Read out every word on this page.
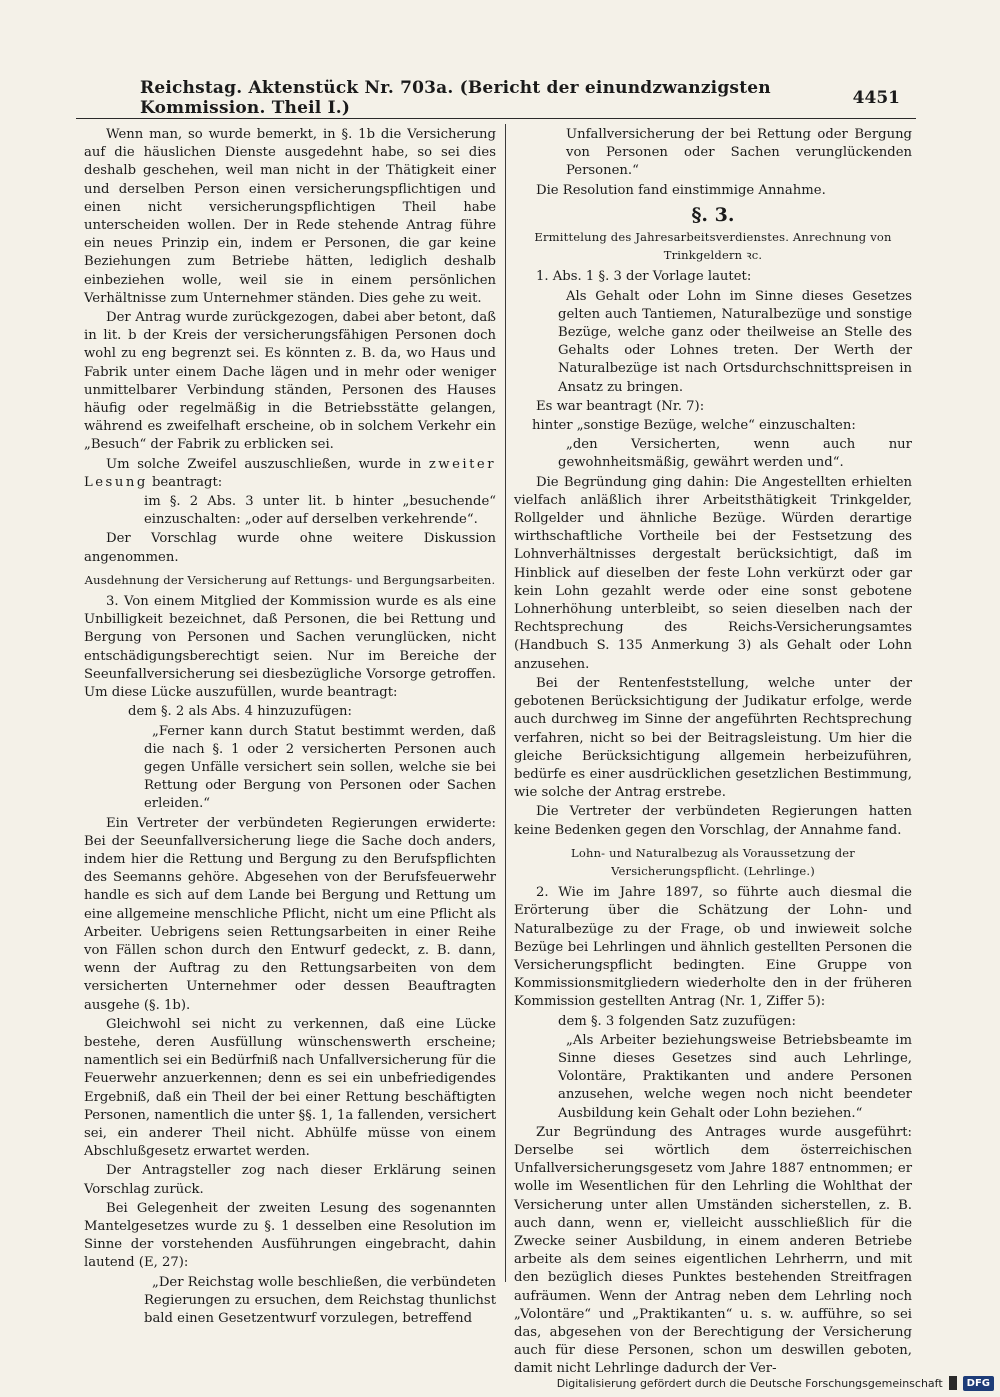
Reichstag. Aktenstück Nr. 703a. (Bericht der einundzwanzigsten Kommission. Theil I.)	4451

Wenn man, so wurde bemerkt, in §. 1b die Versicherung auf die häuslichen Dienste ausgedehnt habe, so sei dies deshalb geschehen, weil man nicht in der Thätigkeit einer und derselben Person einen versicherungspflichtigen und einen nicht versicherungspflichtigen Theil habe unterscheiden wollen. Der in Rede stehende Antrag führe ein neues Prinzip ein, indem er Personen, die gar keine Beziehungen zum Betriebe hätten, lediglich deshalb einbeziehen wolle, weil sie in einem persönlichen Verhältnisse zum Unternehmer ständen. Dies gehe zu weit.

Der Antrag wurde zurückgezogen, dabei aber betont, daß in lit. b der Kreis der versicherungsfähigen Personen doch wohl zu eng begrenzt sei. Es könnten z. B. da, wo Haus und Fabrik unter einem Dache lägen und in mehr oder weniger unmittelbarer Verbindung ständen, Personen des Hauses häufig oder regelmäßig in die Betriebsstätte gelangen, während es zweifelhaft erscheine, ob in solchem Verkehr ein „Besuch“ der Fabrik zu erblicken sei.

Um solche Zweifel auszuschließen, wurde in zweiter Lesung beantragt:

im §. 2 Abs. 3 unter lit. b hinter „besuchende“ einzuschalten: „oder auf derselben verkehrende“.

Der Vorschlag wurde ohne weitere Diskussion angenommen.

Ausdehnung der Versicherung auf Rettungs- und Bergungsarbeiten.

3. Von einem Mitglied der Kommission wurde es als eine Unbilligkeit bezeichnet, daß Personen, die bei Rettung und Bergung von Personen und Sachen verunglücken, nicht entschädigungsberechtigt seien. Nur im Bereiche der Seeunfallversicherung sei diesbezügliche Vorsorge getroffen. Um diese Lücke auszufüllen, wurde beantragt:

dem §. 2 als Abs. 4 hinzuzufügen:

„Ferner kann durch Statut bestimmt werden, daß die nach §. 1 oder 2 versicherten Personen auch gegen Unfälle versichert sein sollen, welche sie bei Rettung oder Bergung von Personen oder Sachen erleiden.“

Ein Vertreter der verbündeten Regierungen erwiderte: Bei der Seeunfallversicherung liege die Sache doch anders, indem hier die Rettung und Bergung zu den Berufspflichten des Seemanns gehöre. Abgesehen von der Berufsfeuerwehr handle es sich auf dem Lande bei Bergung und Rettung um eine allgemeine menschliche Pflicht, nicht um eine Pflicht als Arbeiter. Uebrigens seien Rettungsarbeiten in einer Reihe von Fällen schon durch den Entwurf gedeckt, z. B. dann, wenn der Auftrag zu den Rettungsarbeiten von dem versicherten Unternehmer oder dessen Beauftragten ausgehe (§. 1b).

Gleichwohl sei nicht zu verkennen, daß eine Lücke bestehe, deren Ausfüllung wünschenswerth erscheine; namentlich sei ein Bedürfniß nach Unfallversicherung für die Feuerwehr anzuerkennen; denn es sei ein unbefriedigendes Ergebniß, daß ein Theil der bei einer Rettung beschäftigten Personen, namentlich die unter §§. 1, 1a fallenden, versichert sei, ein anderer Theil nicht. Abhülfe müsse von einem Abschlußgesetz erwartet werden.

Der Antragsteller zog nach dieser Erklärung seinen Vorschlag zurück.

Bei Gelegenheit der zweiten Lesung des sogenannten Mantelgesetzes wurde zu §. 1 desselben eine Resolution im Sinne der vorstehenden Ausführungen eingebracht, dahin lautend (E, 27):

„Der Reichstag wolle beschließen, die verbündeten Regierungen zu ersuchen, dem Reichstag thunlichst bald einen Gesetzentwurf vorzulegen, betreffend

Unfallversicherung der bei Rettung oder Bergung von Personen oder Sachen verunglückenden Personen.“

Die Resolution fand einstimmige Annahme.

§. 3.

Ermittelung des Jahresarbeitsverdienstes. Anrechnung von Trinkgeldern ꝛc.

1. Abs. 1 §. 3 der Vorlage lautet:

Als Gehalt oder Lohn im Sinne dieses Gesetzes gelten auch Tantiemen, Naturalbezüge und sonstige Bezüge, welche ganz oder theilweise an Stelle des Gehalts oder Lohnes treten. Der Werth der Naturalbezüge ist nach Ortsdurchschnittspreisen in Ansatz zu bringen.

Es war beantragt (Nr. 7):

hinter „sonstige Bezüge, welche“ einzuschalten:

„den Versicherten, wenn auch nur gewohnheitsmäßig, gewährt werden und“.

Die Begründung ging dahin: Die Angestellten erhielten vielfach anläßlich ihrer Arbeitsthätigkeit Trinkgelder, Rollgelder und ähnliche Bezüge. Würden derartige wirthschaftliche Vortheile bei der Festsetzung des Lohnverhältnisses dergestalt berücksichtigt, daß im Hinblick auf dieselben der feste Lohn verkürzt oder gar kein Lohn gezahlt werde oder eine sonst gebotene Lohnerhöhung unterbleibt, so seien dieselben nach der Rechtsprechung des Reichs-Versicherungsamtes (Handbuch S. 135 Anmerkung 3) als Gehalt oder Lohn anzusehen.

Bei der Rentenfeststellung, welche unter der gebotenen Berücksichtigung der Judikatur erfolge, werde auch durchweg im Sinne der angeführten Rechtsprechung verfahren, nicht so bei der Beitragsleistung. Um hier die gleiche Berücksichtigung allgemein herbeizuführen, bedürfe es einer ausdrücklichen gesetzlichen Bestimmung, wie solche der Antrag erstrebe.

Die Vertreter der verbündeten Regierungen hatten keine Bedenken gegen den Vorschlag, der Annahme fand.

Lohn- und Naturalbezug als Voraussetzung der Versicherungspflicht. (Lehrlinge.)

2. Wie im Jahre 1897, so führte auch diesmal die Erörterung über die Schätzung der Lohn- und Naturalbezüge zu der Frage, ob und inwieweit solche Bezüge bei Lehrlingen und ähnlich gestellten Personen die Versicherungspflicht bedingten. Eine Gruppe von Kommissionsmitgliedern wiederholte den in der früheren Kommission gestellten Antrag (Nr. 1, Ziffer 5):

dem §. 3 folgenden Satz zuzufügen:

„Als Arbeiter beziehungsweise Betriebsbeamte im Sinne dieses Gesetzes sind auch Lehrlinge, Volontäre, Praktikanten und andere Personen anzusehen, welche wegen noch nicht beendeter Ausbildung kein Gehalt oder Lohn beziehen.“

Zur Begründung des Antrages wurde ausgeführt: Derselbe sei wörtlich dem österreichischen Unfallversicherungsgesetz vom Jahre 1887 entnommen; er wolle im Wesentlichen für den Lehrling die Wohlthat der Versicherung unter allen Umständen sicherstellen, z. B. auch dann, wenn er, vielleicht ausschließlich für die Zwecke seiner Ausbildung, in einem anderen Betriebe arbeite als dem seines eigentlichen Lehrherrn, und mit den bezüglich dieses Punktes bestehenden Streitfragen aufräumen. Wenn der Antrag neben dem Lehrling noch „Volontäre“ und „Praktikanten“ u. s. w. aufführe, so sei das, abgesehen von der Berechtigung der Versicherung auch für diese Personen, schon um deswillen geboten, damit nicht Lehrlinge dadurch der Ver-

Digitalisierung gefördert durch die Deutsche Forschungsgemeinschaft	DFG
